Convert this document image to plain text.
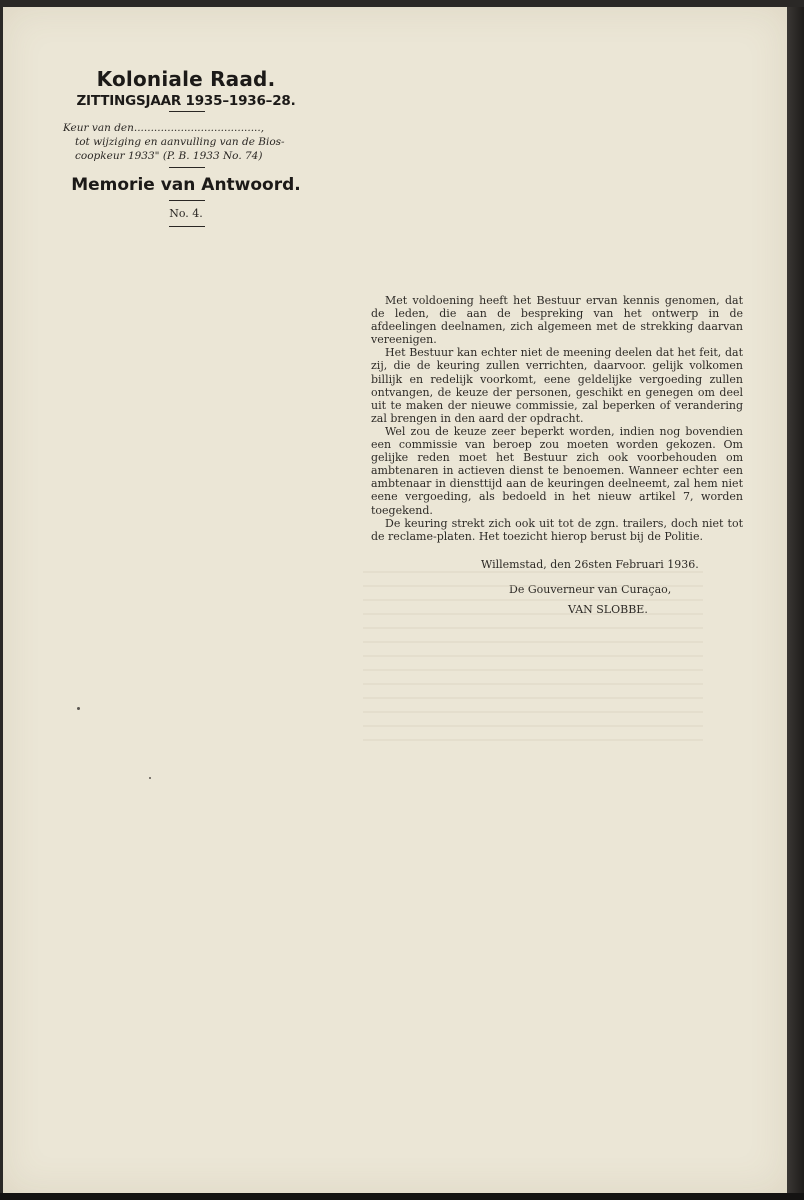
Koloniale Raad.
ZITTINGSJAAR 1935–1936–28.
Keur van den......................................,
tot wijziging en aanvulling van de Bios-
coopkeur 1933" (P. B. 1933 No. 74)
Memorie van Antwoord.
No. 4.

Met voldoening heeft het Bestuur ervan kennis genomen, dat de leden, die aan de bespreking van het ontwerp in de afdeelingen deelnamen, zich algemeen met de strekking daarvan vereenigen.

Het Bestuur kan echter niet de meening deelen dat het feit, dat zij, die de keuring zullen verrichten, daarvoor. gelijk volkomen billijk en redelijk voorkomt, eene geldelijke vergoeding zullen ontvangen, de keuze der personen, geschikt en genegen om deel uit te maken der nieuwe commissie, zal beperken of verandering zal brengen in den aard der opdracht.

Wel zou de keuze zeer beperkt worden, indien nog bovendien een commissie van beroep zou moeten worden gekozen. Om gelijke reden moet het Bestuur zich ook voorbehouden om ambtenaren in actieven dienst te benoemen. Wanneer echter een ambtenaar in diensttijd aan de keuringen deelneemt, zal hem niet eene vergoeding, als bedoeld in het nieuw artikel 7, worden toegekend.

De keuring strekt zich ook uit tot de zgn. trailers, doch niet tot de reclame-platen. Het toezicht hierop berust bij de Politie.

Willemstad, den 26sten Februari 1936.
De Gouverneur van Curaçao,
VAN SLOBBE.
